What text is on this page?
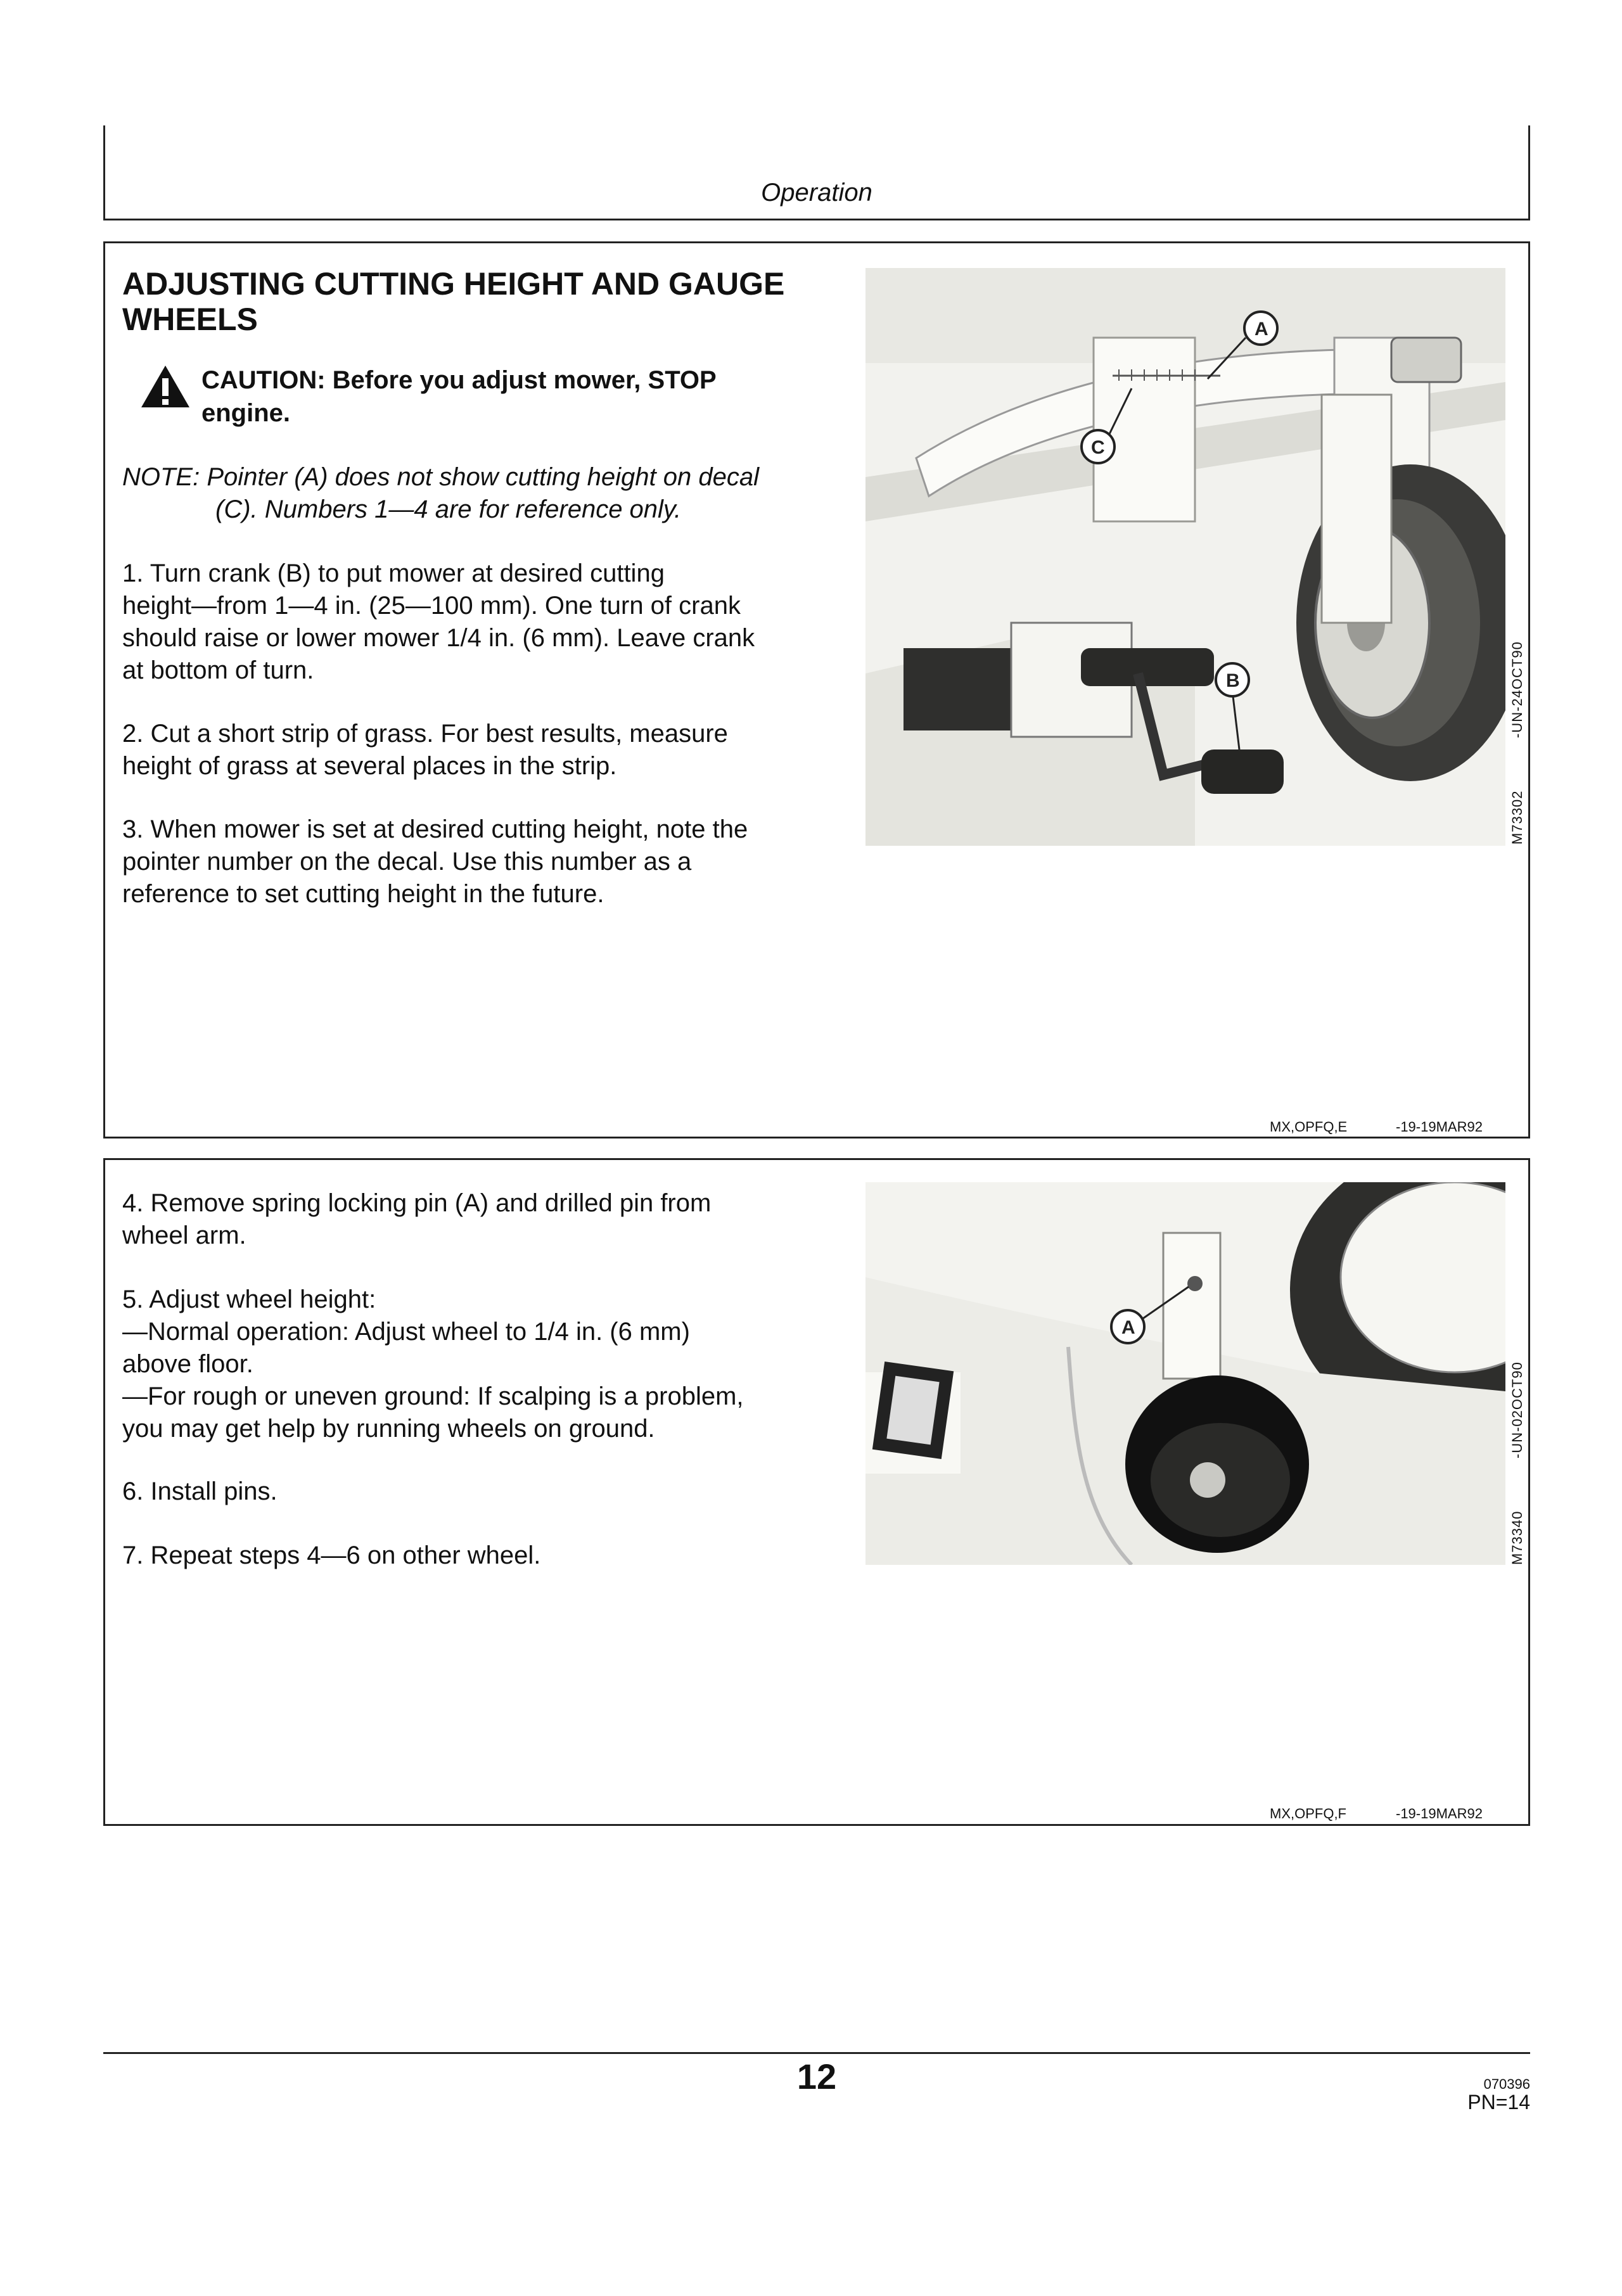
Operation
ADJUSTING CUTTING HEIGHT AND GAUGE WHEELS
CAUTION: Before you adjust mower, STOP engine.
NOTE: Pointer (A) does not show cutting height on decal
(C). Numbers 1—4 are for reference only.
1. Turn crank (B) to put mower at desired cutting
height—from 1—4 in. (25—100 mm). One turn of crank
should raise or lower mower 1/4 in. (6 mm). Leave crank
at bottom of turn.
2. Cut a short strip of grass. For best results, measure
height of grass at several places in the strip.
3. When mower is set at desired cutting height, note the
pointer number on the decal. Use this number as a
reference to set cutting height in the future.
A
C
B
M73302
-UN-24OCT90
MX,OPFQ,E	-19-19MAR92
4. Remove spring locking pin (A) and drilled pin from
wheel arm.
5. Adjust wheel height:
—Normal operation: Adjust wheel to 1/4 in. (6 mm)
above floor.
—For rough or uneven ground: If scalping is a problem,
you may get help by running wheels on ground.
6. Install pins.
7. Repeat steps 4—6 on other wheel.
A
M73340
-UN-02OCT90
MX,OPFQ,F	-19-19MAR92
12	070396
PN=14
